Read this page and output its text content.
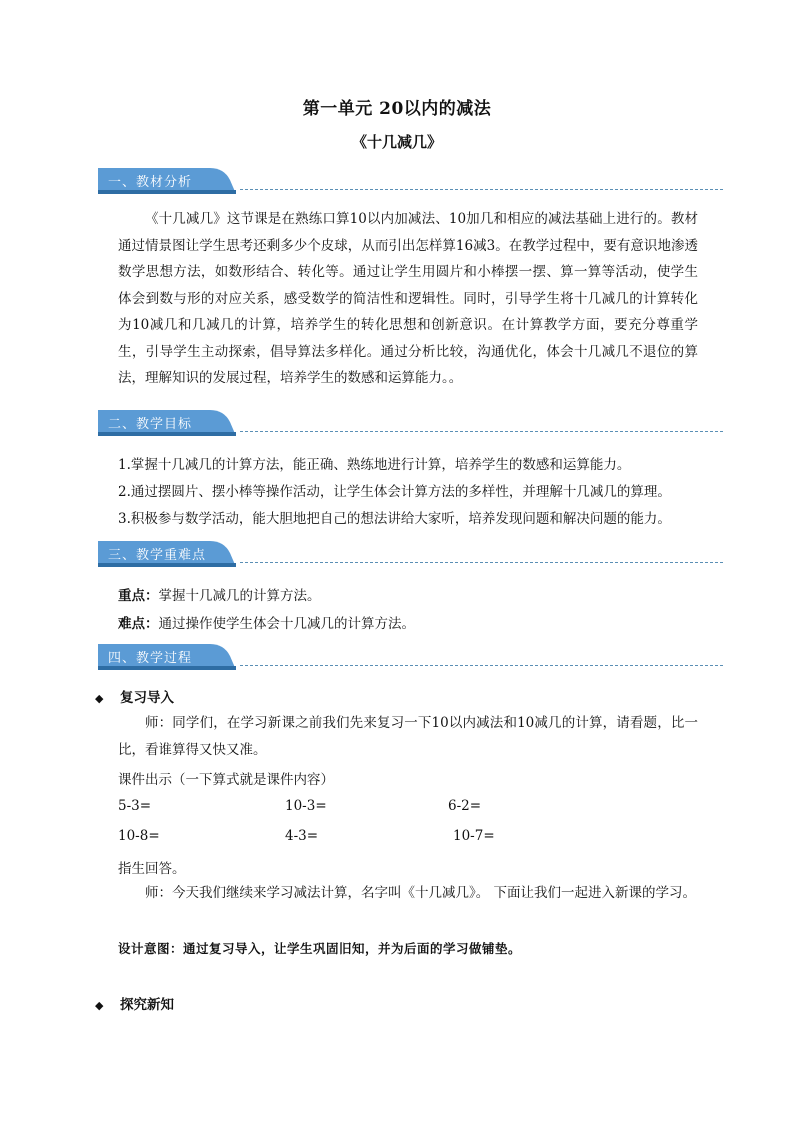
第一单元 20以内的减法
《十几减几》
一、教材分析
《十几减几》这节课是在熟练口算10以内加减法、10加几和相应的减法基础上进行的。教材通过情景图让学生思考还剩多少个皮球，从而引出怎样算16减3。在教学过程中，要有意识地渗透数学思想方法，如数形结合、转化等。通过让学生用圆片和小棒摆一摆、算一算等活动，使学生体会到数与形的对应关系，感受数学的简洁性和逻辑性。同时，引导学生将十几减几的计算转化为10减几和几减几的计算，培养学生的转化思想和创新意识。在计算教学方面，要充分尊重学生，引导学生主动探索，倡导算法多样化。通过分析比较，沟通优化，体会十几减几不退位的算法，理解知识的发展过程，培养学生的数感和运算能力。。
二、教学目标
1.掌握十几减几的计算方法，能正确、熟练地进行计算，培养学生的数感和运算能力。
2.通过摆圆片、摆小棒等操作活动，让学生体会计算方法的多样性，并理解十几减几的算理。
3.积极参与数学活动，能大胆地把自己的想法讲给大家听，培养发现问题和解决问题的能力。
三、教学重难点
重点：掌握十几减几的计算方法。
难点：通过操作使学生体会十几减几的计算方法。
四、教学过程
◆ 复习导入
师：同学们，在学习新课之前我们先来复习一下10以内减法和10减几的计算，请看题，比一比，看谁算得又快又准。
课件出示（一下算式就是课件内容）
5-3=	10-3=	6-2=
10-8=	4-3=	10-7=
指生回答。
师：今天我们继续来学习减法计算，名字叫《十几减几》。 下面让我们一起进入新课的学习。
设计意图：通过复习导入，让学生巩固旧知，并为后面的学习做铺垫。
◆ 探究新知
